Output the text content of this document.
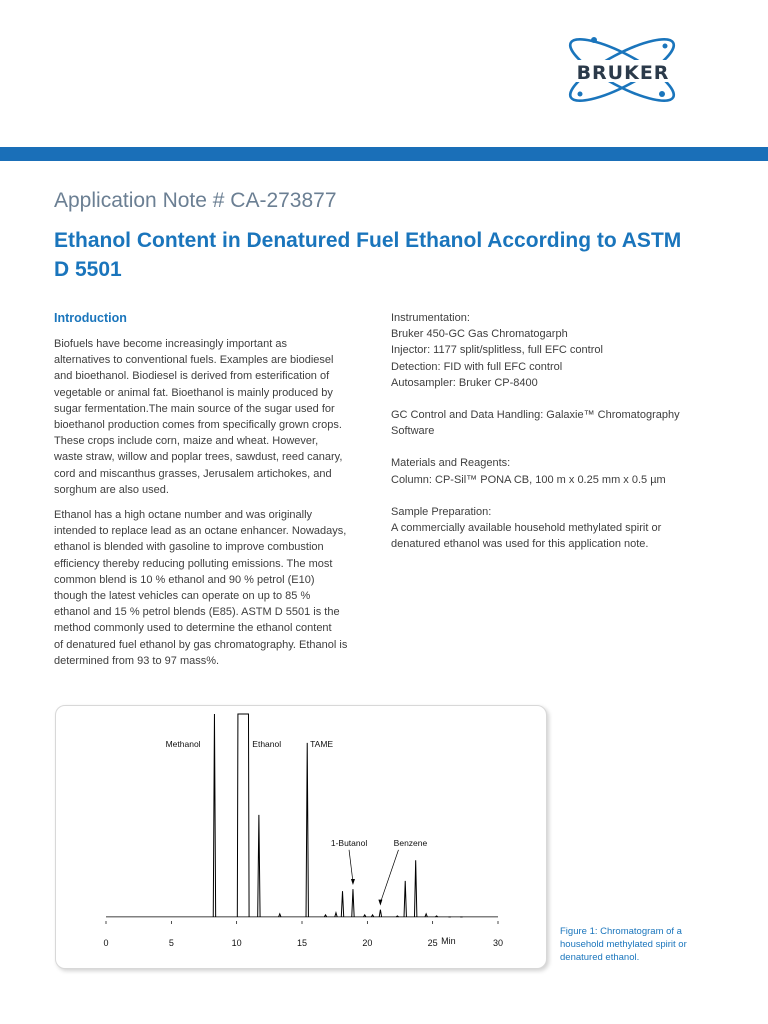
BRUKER
Application Note # CA-273877
Ethanol Content in Denatured Fuel Ethanol According to ASTM D 5501
Introduction

Biofuels have become increasingly important as
alternatives to conventional fuels. Examples are biodiesel
and bioethanol. Biodiesel is derived from esterification of
vegetable or animal fat. Bioethanol is mainly produced by
sugar fermentation.The main source of the sugar used for
bioethanol production comes from specifically grown crops.
These crops include corn, maize and wheat. However,
waste straw, willow and poplar trees, sawdust, reed canary,
cord and miscanthus grasses, Jerusalem artichokes, and
sorghum are also used.

Ethanol has a high octane number and was originally
intended to replace lead as an octane enhancer. Nowadays,
ethanol is blended with gasoline to improve combustion
efficiency thereby reducing polluting emissions. The most
common blend is 10 % ethanol and 90 % petrol (E10)
though the latest vehicles can operate on up to 85 %
ethanol and 15 % petrol blends (E85). ASTM D 5501 is the
method commonly used to determine the ethanol content
of denatured fuel ethanol by gas chromatography. Ethanol is
determined from 93 to 97 mass%.

Instrumentation:
Bruker 450-GC Gas Chromatogarph
Injector: 1177 split/splitless, full EFC control
Detection: FID with full EFC control
Autosampler: Bruker CP-8400

GC Control and Data Handling: Galaxie™ Chromatography
Software

Materials and Reagents:
Column: CP-Sil™ PONA CB, 100 m x 0.25 mm x 0.5 µm

Sample Preparation:
A commercially available household methylated spirit or
denatured ethanol was used for this application note.

0	5	10	15	20	25	30
Min
Methanol	Ethanol	TAME
1-Butanol	Benzene
Figure 1: Chromatogram of a
household methylated spirit or
denatured ethanol.
